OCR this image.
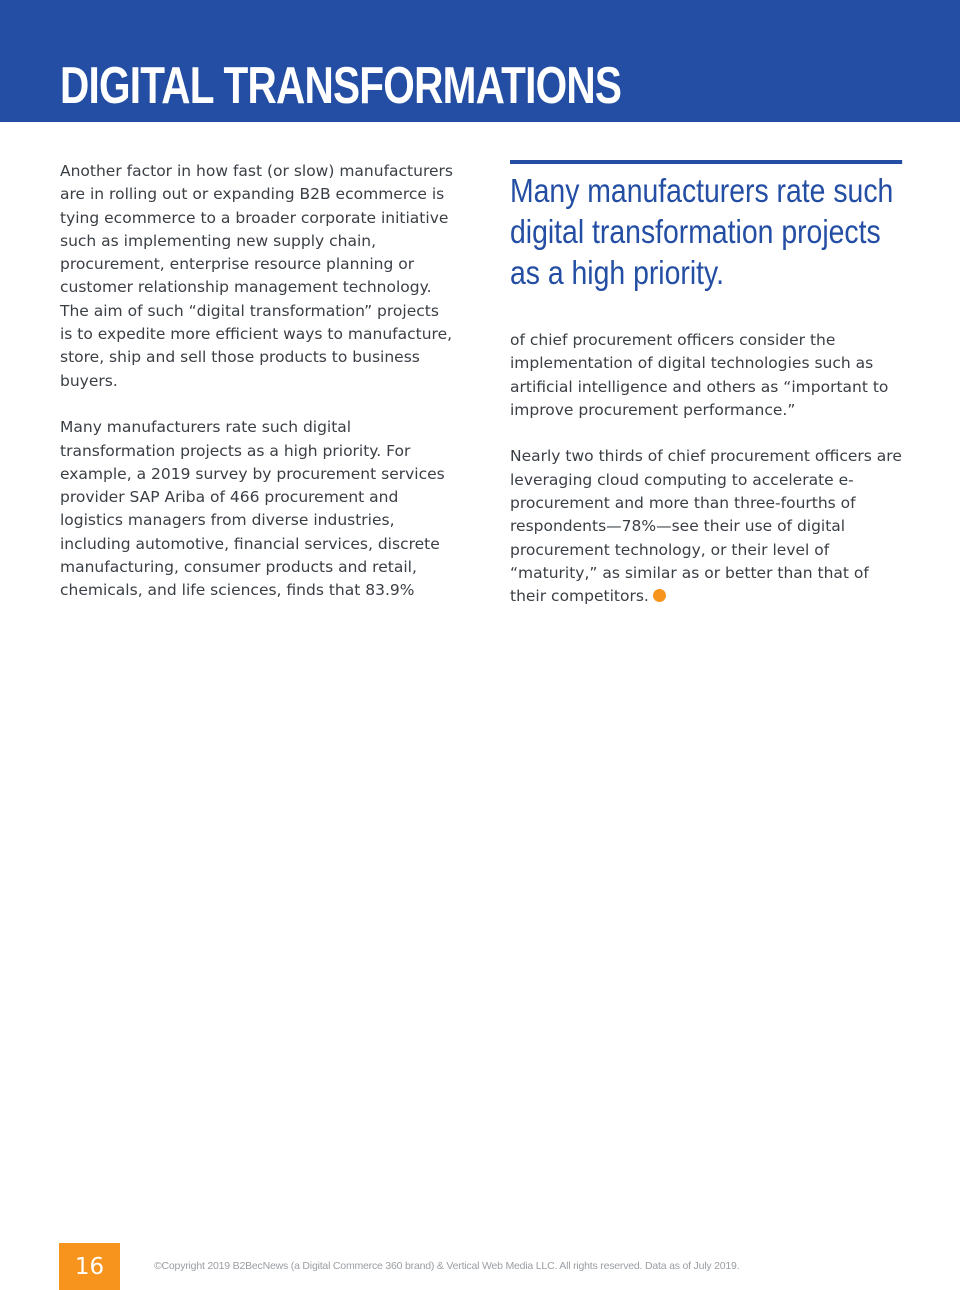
DIGITAL TRANSFORMATIONS

Another factor in how fast (or slow) manufacturers are in rolling out or expanding B2B ecommerce is tying ecommerce to a broader corporate initiative such as implementing new supply chain, procurement, enterprise resource planning or customer relationship management technology. The aim of such “digital transformation” projects is to expedite more efficient ways to manufacture, store, ship and sell those products to business buyers.

Many manufacturers rate such digital transformation projects as a high priority. For example, a 2019 survey by procurement services provider SAP Ariba of 466 procurement and logistics managers from diverse industries, including automotive, financial services, discrete manufacturing, consumer products and retail, chemicals, and life sciences, finds that 83.9%

Many manufacturers rate such digital transformation projects as a high priority.

of chief procurement officers consider the implementation of digital technologies such as artificial intelligence and others as “important to improve procurement performance.”

Nearly two thirds of chief procurement officers are leveraging cloud computing to accelerate e-procurement and more than three-fourths of respondents—78%—see their use of digital procurement technology, or their level of “maturity,” as similar as or better than that of their competitors.

16	©Copyright 2019 B2BecNews (a Digital Commerce 360 brand) & Vertical Web Media LLC. All rights reserved. Data as of July 2019.
